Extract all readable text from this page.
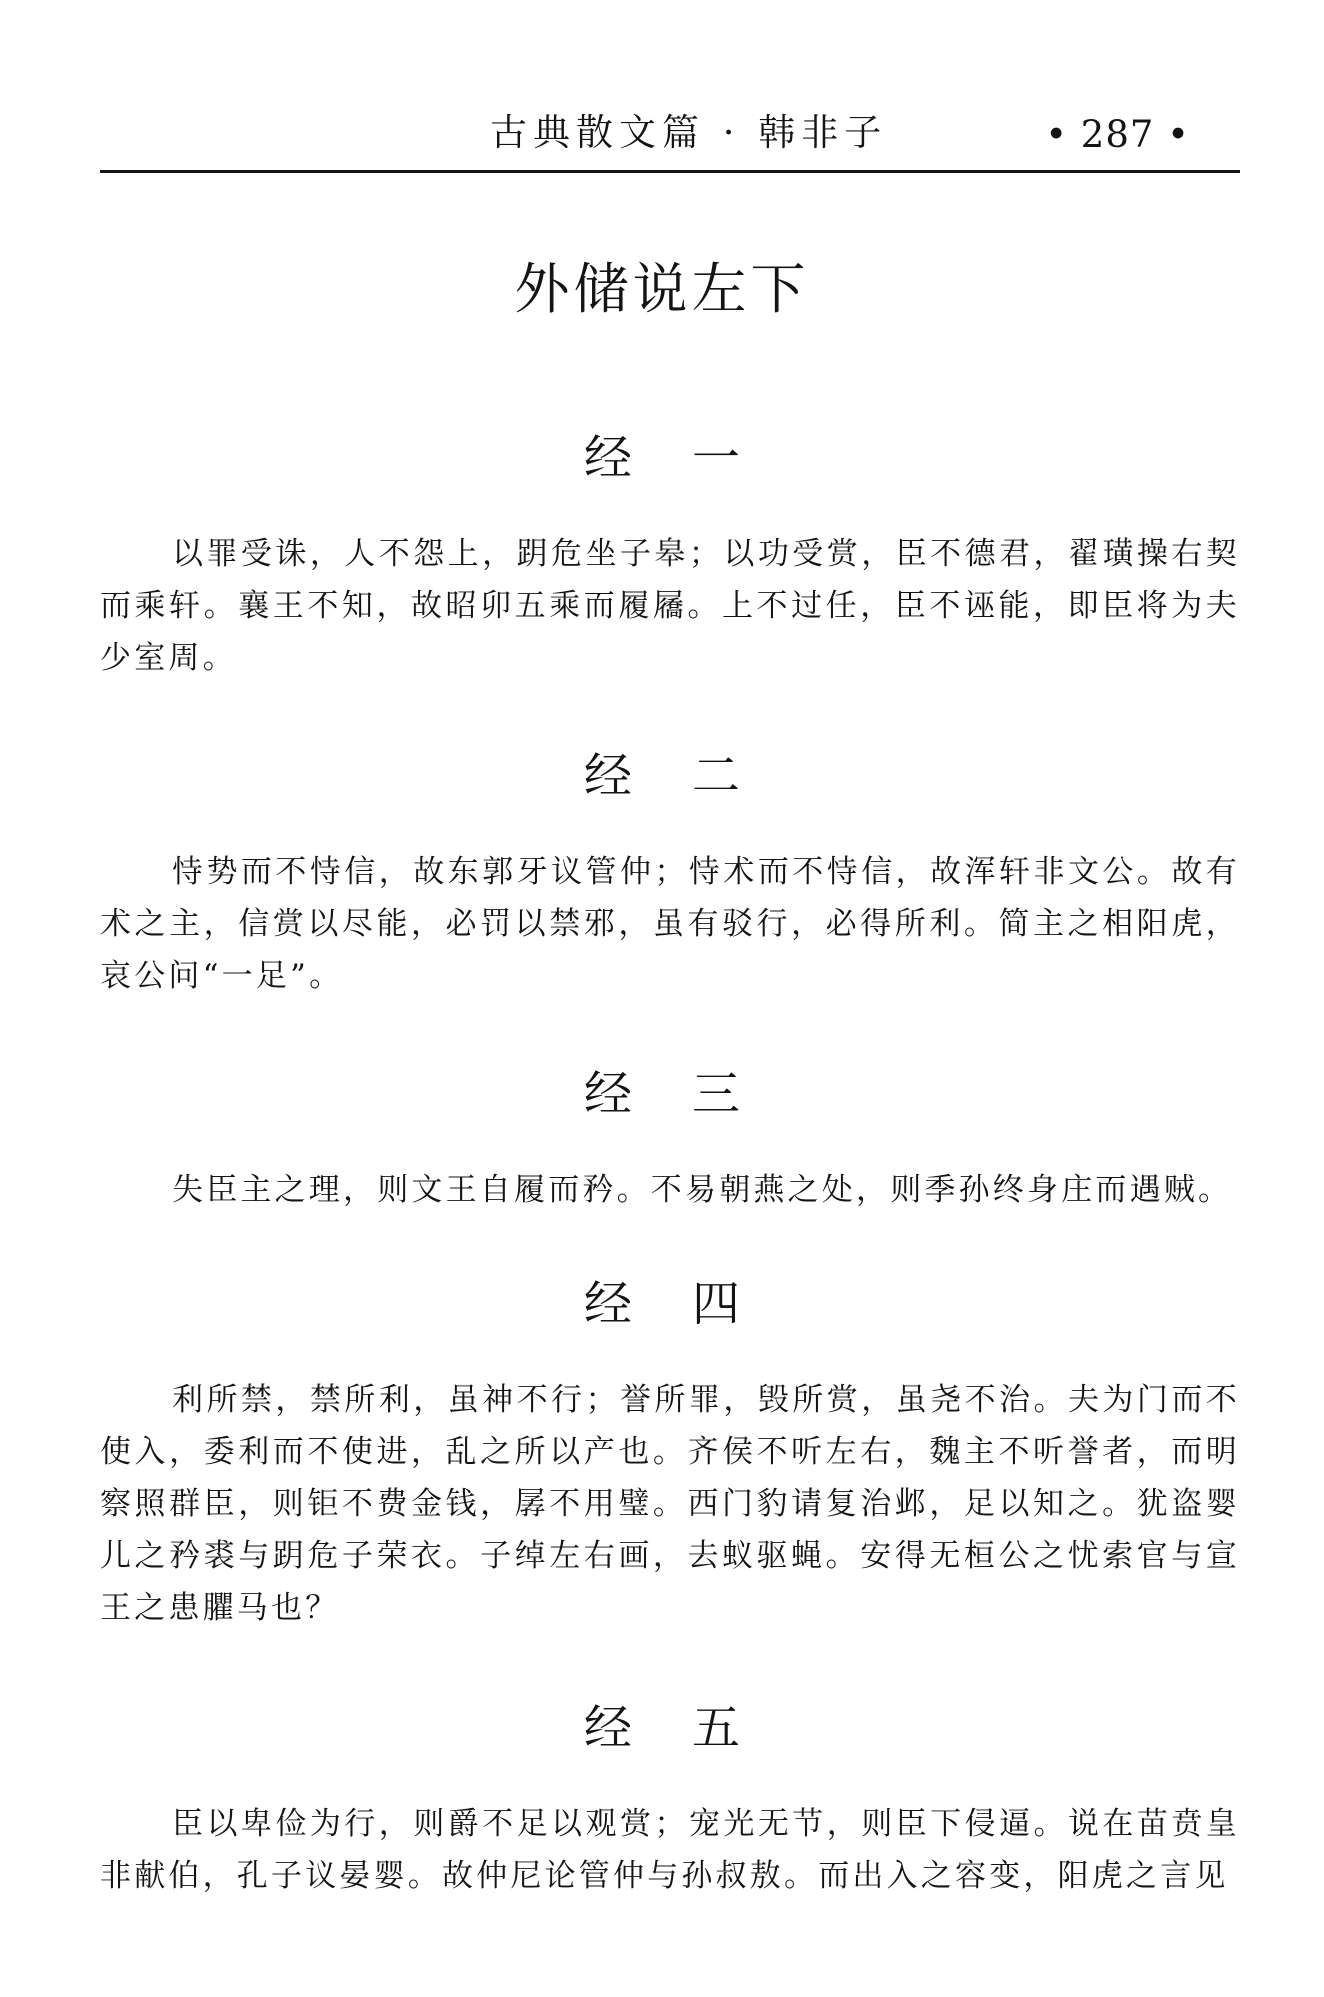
古典散文篇 · 韩非子	• 287 •
外储说左下
经 一

以罪受诛，人不怨上，跀危坐子皋；以功受赏，臣不德君，翟璜操右契而乘轩。襄王不知，故昭卯五乘而履屩。上不过任，臣不诬能，即臣将为夫少室周。

经 二

恃势而不恃信，故东郭牙议管仲；恃术而不恃信，故浑轩非文公。故有术之主，信赏以尽能，必罚以禁邪，虽有驳行，必得所利。简主之相阳虎，哀公问“一足”。

经 三

失臣主之理，则文王自履而矜。不易朝燕之处，则季孙终身庄而遇贼。

经 四

利所禁，禁所利，虽神不行；誉所罪，毁所赏，虽尧不治。夫为门而不使入，委利而不使进，乱之所以产也。齐侯不听左右，魏主不听誉者，而明察照群臣，则钜不费金钱，孱不用璧。西门豹请复治邺，足以知之。犹盗婴儿之矜裘与跀危子荣衣。子绰左右画，去蚁驱蝇。安得无桓公之忧索官与宣王之患臞马也？

经 五

臣以卑俭为行，则爵不足以观赏；宠光无节，则臣下侵逼。说在苗贲皇非献伯，孔子议晏婴。故仲尼论管仲与孙叔敖。而出入之容变，阳虎之言见
